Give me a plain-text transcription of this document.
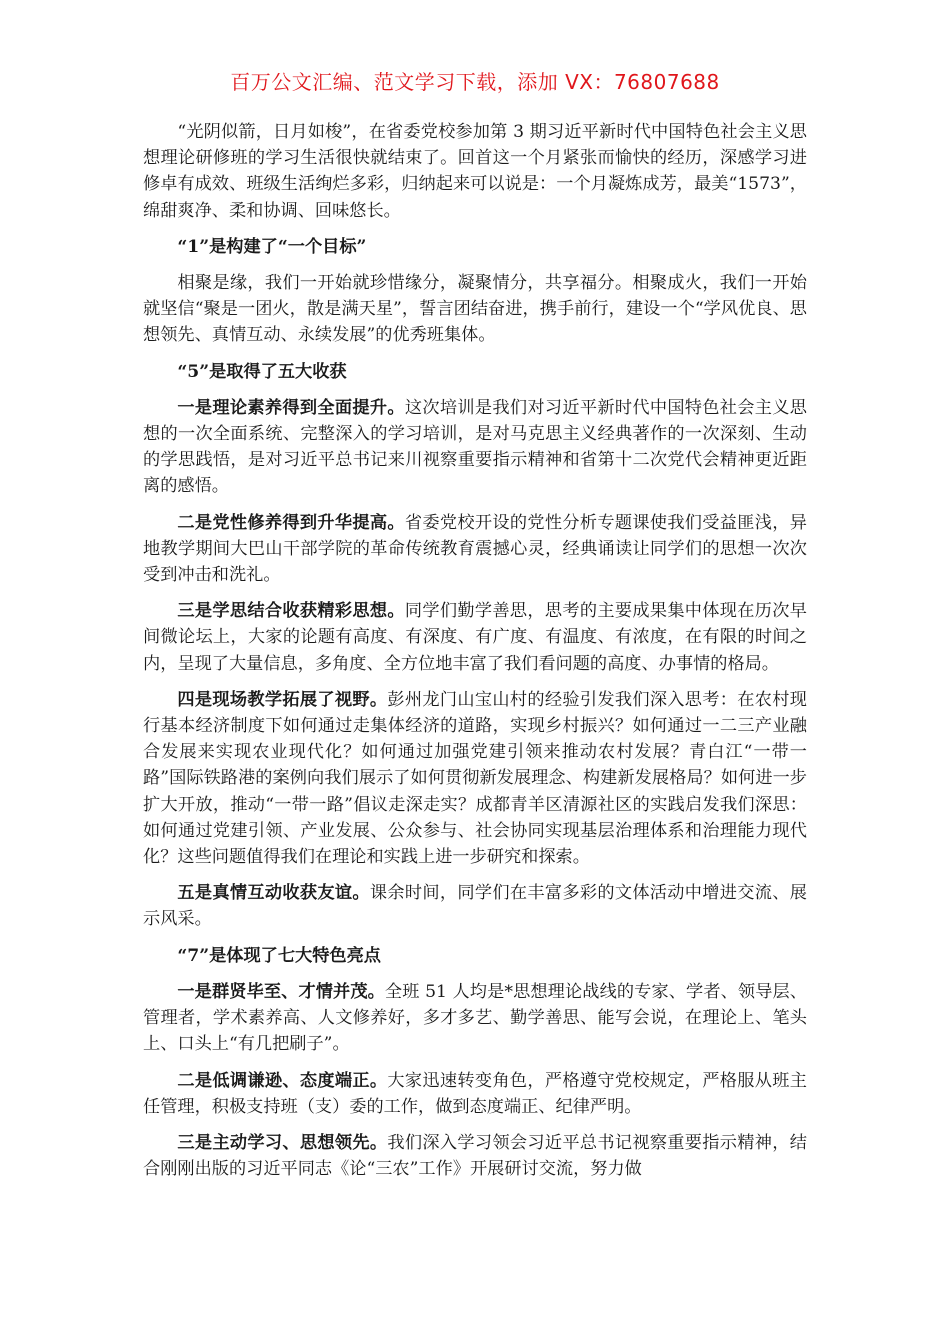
百万公文汇编、范文学习下载，添加 VX：76807688

“光阴似箭，日月如梭”，在省委党校参加第 3 期习近平新时代中国特色社会主义思想理论研修班的学习生活很快就结束了。回首这一个月紧张而愉快的经历，深感学习进修卓有成效、班级生活绚烂多彩，归纳起来可以说是：一个月凝炼成芳，最美“1573”，绵甜爽净、柔和协调、回味悠长。

“1”是构建了“一个目标”

相聚是缘，我们一开始就珍惜缘分，凝聚情分，共享福分。相聚成火，我们一开始就坚信“聚是一团火，散是满天星”，誓言团结奋进，携手前行，建设一个“学风优良、思想领先、真情互动、永续发展”的优秀班集体。

“5”是取得了五大收获

一是理论素养得到全面提升。这次培训是我们对习近平新时代中国特色社会主义思想的一次全面系统、完整深入的学习培训，是对马克思主义经典著作的一次深刻、生动的学思践悟，是对习近平总书记来川视察重要指示精神和省第十二次党代会精神更近距离的感悟。

二是党性修养得到升华提高。省委党校开设的党性分析专题课使我们受益匪浅，异地教学期间大巴山干部学院的革命传统教育震撼心灵，经典诵读让同学们的思想一次次受到冲击和洗礼。

三是学思结合收获精彩思想。同学们勤学善思，思考的主要成果集中体现在历次早间微论坛上，大家的论题有高度、有深度、有广度、有温度、有浓度，在有限的时间之内，呈现了大量信息，多角度、全方位地丰富了我们看问题的高度、办事情的格局。

四是现场教学拓展了视野。彭州龙门山宝山村的经验引发我们深入思考：在农村现行基本经济制度下如何通过走集体经济的道路，实现乡村振兴？如何通过一二三产业融合发展来实现农业现代化？如何通过加强党建引领来推动农村发展？青白江“一带一路”国际铁路港的案例向我们展示了如何贯彻新发展理念、构建新发展格局？如何进一步扩大开放，推动“一带一路”倡议走深走实？成都青羊区清源社区的实践启发我们深思：如何通过党建引领、产业发展、公众参与、社会协同实现基层治理体系和治理能力现代化？这些问题值得我们在理论和实践上进一步研究和探索。

五是真情互动收获友谊。课余时间，同学们在丰富多彩的文体活动中增进交流、展示风采。

“7”是体现了七大特色亮点

一是群贤毕至、才情并茂。全班 51 人均是*思想理论战线的专家、学者、领导层、管理者，学术素养高、人文修养好，多才多艺、勤学善思、能写会说，在理论上、笔头上、口头上“有几把刷子”。

二是低调谦逊、态度端正。大家迅速转变角色，严格遵守党校规定，严格服从班主任管理，积极支持班（支）委的工作，做到态度端正、纪律严明。

三是主动学习、思想领先。我们深入学习领会习近平总书记视察重要指示精神，结合刚刚出版的习近平同志《论“三农”工作》开展研讨交流，努力做
